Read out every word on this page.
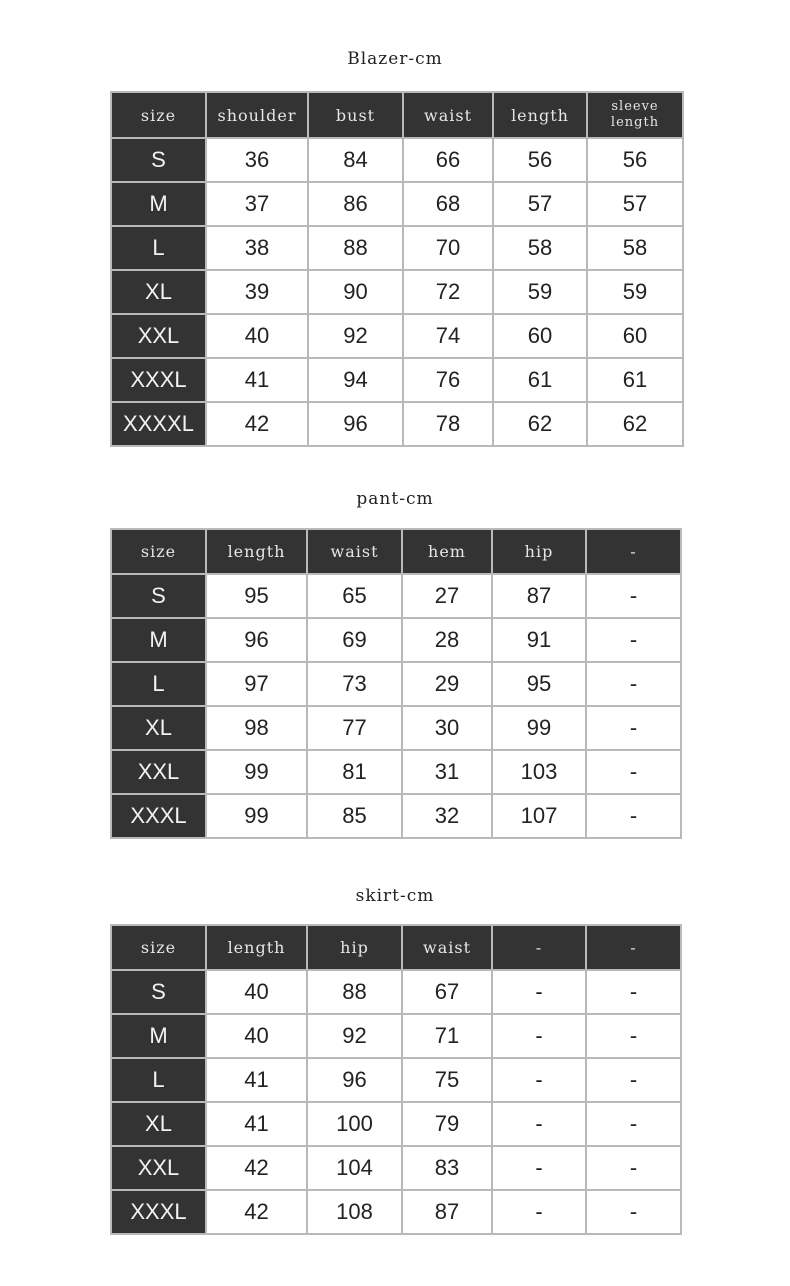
Blazer-cm
size	shoulder	bust	waist	length	sleeve
length
S	36	84	66	56	56
M	37	86	68	57	57
L	38	88	70	58	58
XL	39	90	72	59	59
XXL	40	92	74	60	60
XXXL	41	94	76	61	61
XXXXL	42	96	78	62	62
pant-cm
size	length	waist	hem	hip	-
S	95	65	27	87	-
M	96	69	28	91	-
L	97	73	29	95	-
XL	98	77	30	99	-
XXL	99	81	31	103	-
XXXL	99	85	32	107	-
skirt-cm
size	length	hip	waist	-	-
S	40	88	67	-	-
M	40	92	71	-	-
L	41	96	75	-	-
XL	41	100	79	-	-
XXL	42	104	83	-	-
XXXL	42	108	87	-	-
